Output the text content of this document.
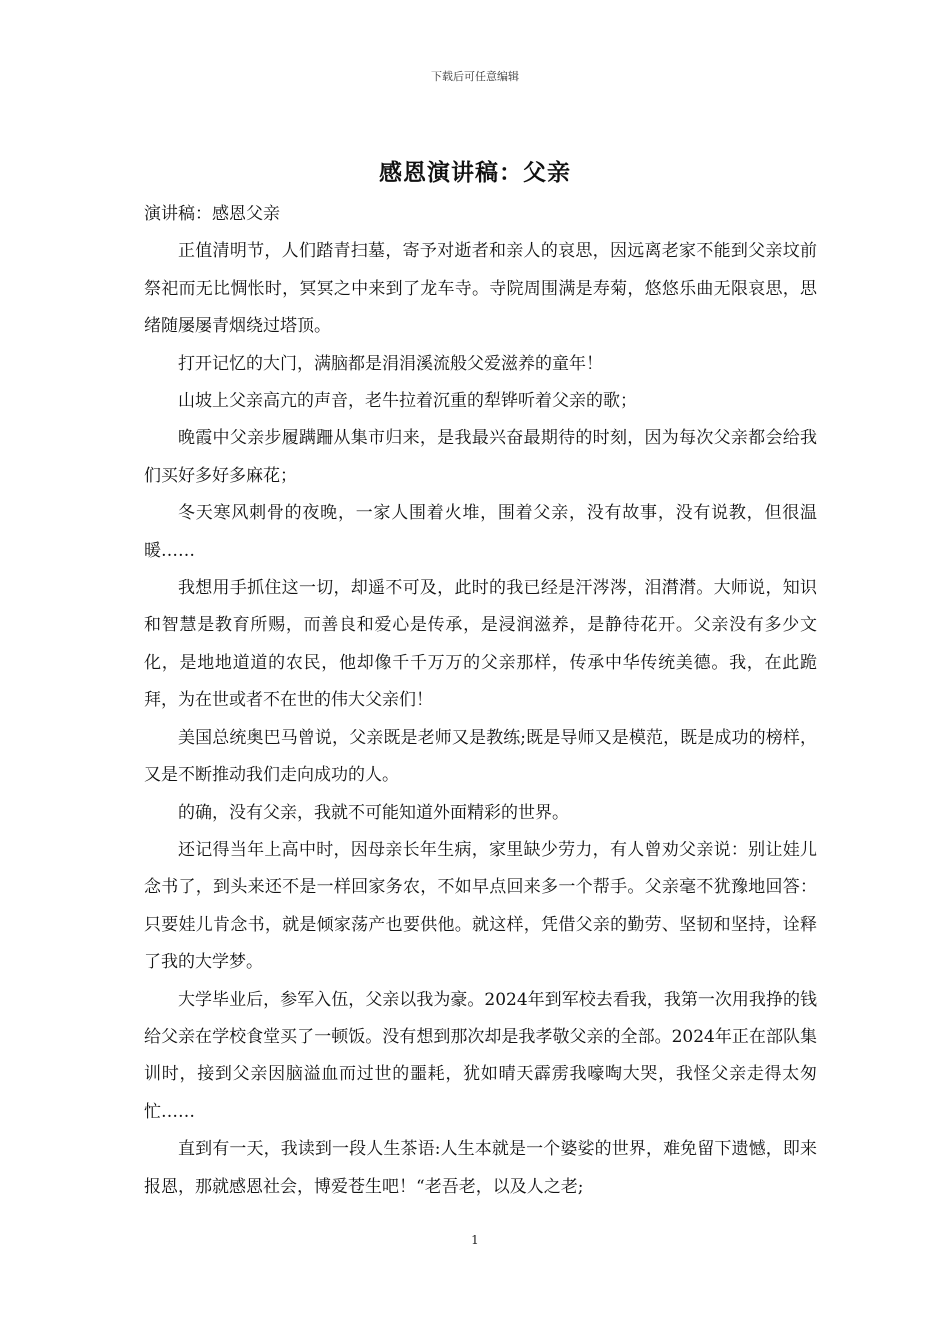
下载后可任意编辑
感恩演讲稿：父亲

演讲稿：感恩父亲

正值清明节，人们踏青扫墓，寄予对逝者和亲人的哀思，因远离老家不能到父亲坟前祭祀而无比惆怅时，冥冥之中来到了龙车寺。寺院周围满是寿菊，悠悠乐曲无限哀思，思绪随屡屡青烟绕过塔顶。

打开记忆的大门，满脑都是涓涓溪流般父爱滋养的童年！

山坡上父亲高亢的声音，老牛拉着沉重的犁铧听着父亲的歌；

晚霞中父亲步履蹒跚从集市归来，是我最兴奋最期待的时刻，因为每次父亲都会给我们买好多好多麻花；

冬天寒风刺骨的夜晚，一家人围着火堆，围着父亲，没有故事，没有说教，但很温暖……

我想用手抓住这一切，却遥不可及，此时的我已经是汗涔涔，泪潸潸。大师说，知识和智慧是教育所赐，而善良和爱心是传承，是浸润滋养，是静待花开。父亲没有多少文化，是地地道道的农民，他却像千千万万的父亲那样，传承中华传统美德。我，在此跪拜，为在世或者不在世的伟大父亲们！

美国总统奥巴马曾说，父亲既是老师又是教练;既是导师又是模范，既是成功的榜样，又是不断推动我们走向成功的人。

的确，没有父亲，我就不可能知道外面精彩的世界。

还记得当年上高中时，因母亲长年生病，家里缺少劳力，有人曾劝父亲说：别让娃儿念书了，到头来还不是一样回家务农，不如早点回来多一个帮手。父亲毫不犹豫地回答：只要娃儿肯念书，就是倾家荡产也要供他。就这样，凭借父亲的勤劳、坚韧和坚持，诠释了我的大学梦。

大学毕业后，参军入伍，父亲以我为豪。2024年到军校去看我，我第一次用我挣的钱给父亲在学校食堂买了一顿饭。没有想到那次却是我孝敬父亲的全部。2024年正在部队集训时，接到父亲因脑溢血而过世的噩耗，犹如晴天霹雳我嚎啕大哭，我怪父亲走得太匆忙……

直到有一天，我读到一段人生茶语:人生本就是一个婆娑的世界，难免留下遗憾，即来报恩，那就感恩社会，博爱苍生吧！“老吾老，以及人之老;

1
